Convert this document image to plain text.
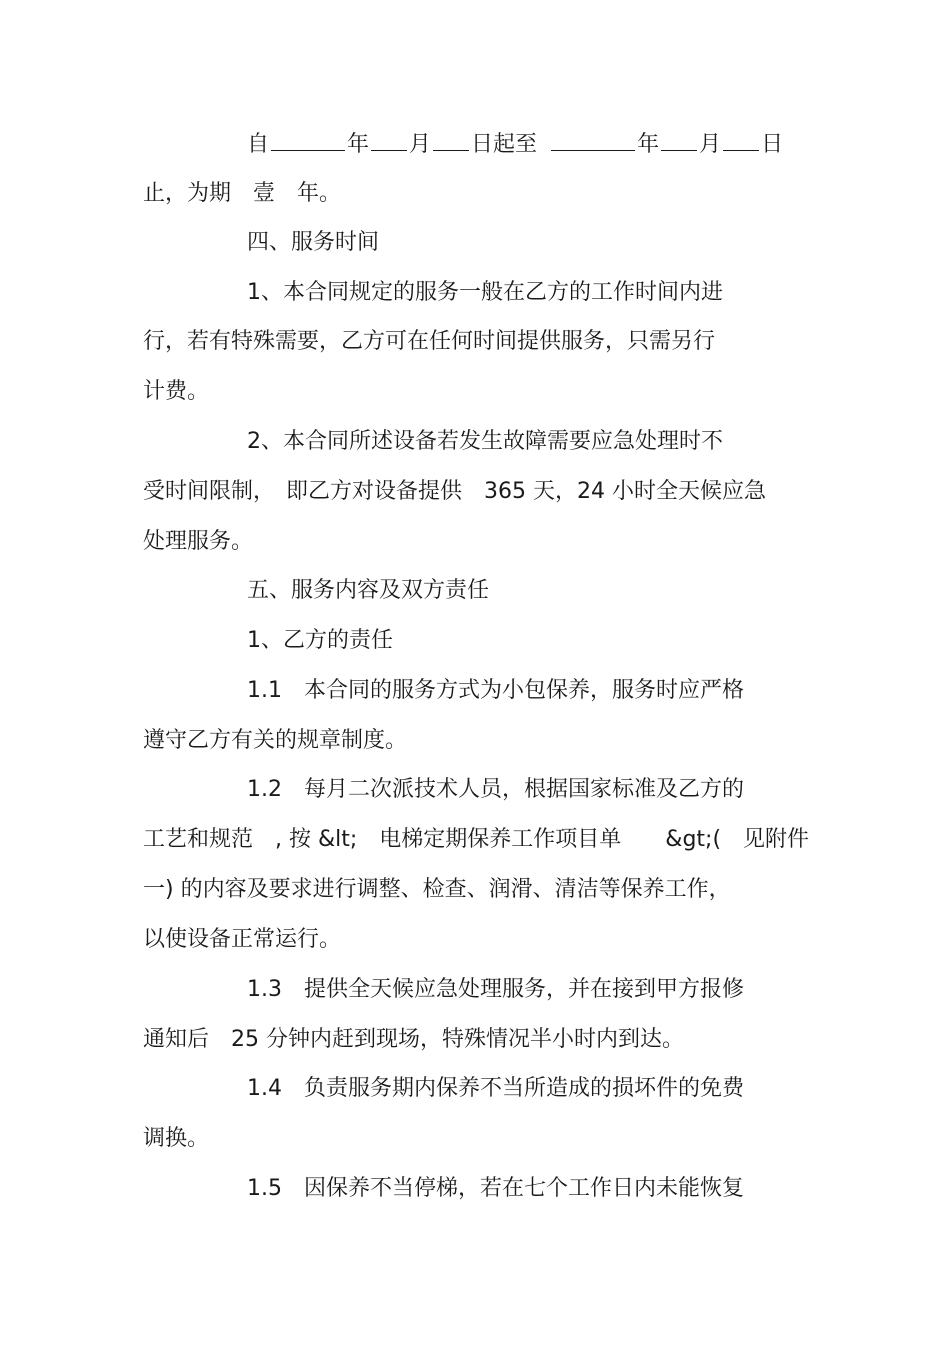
自	年 月 日起至	年 月 日
止，为期　壹　年。
四、服务时间
1、本合同规定的服务一般在乙方的工作时间内进
行，若有特殊需要，乙方可在任何时间提供服务，只需另行
计费。
2、本合同所述设备若发生故障需要应急处理时不
受时间限制，　即乙方对设备提供　365 天，24 小时全天候应急
处理服务。
五、服务内容及双方责任
1、乙方的责任
1.1　本合同的服务方式为小包保养，服务时应严格
遵守乙方有关的规章制度。
1.2　每月二次派技术人员，根据国家标准及乙方的
工艺和规范　, 按 &lt;　电梯定期保养工作项目单　　&gt;(　见附件
一) 的内容及要求进行调整、检查、润滑、清洁等保养工作，
以使设备正常运行。
1.3　提供全天候应急处理服务，并在接到甲方报修
通知后　25 分钟内赶到现场，特殊情况半小时内到达。
1.4　负责服务期内保养不当所造成的损坏件的免费
调换。
1.5　因保养不当停梯，若在七个工作日内未能恢复
